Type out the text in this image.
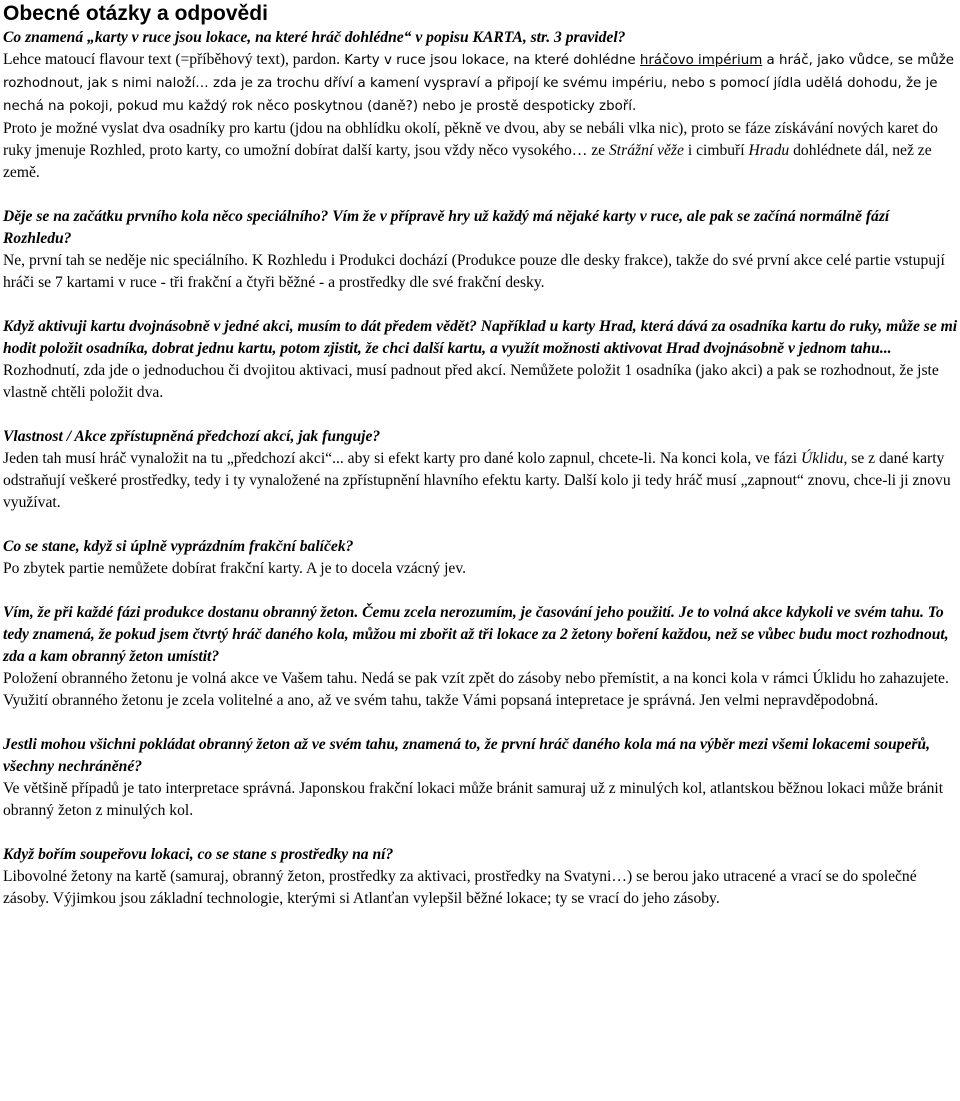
Obecné otázky a odpovědi

Co znamená „karty v ruce jsou lokace, na které hráč dohlédne“ v popisu KARTA, str. 3 pravidel?

Lehce matoucí flavour text (=příběhový text), pardon. Karty v ruce jsou lokace, na které dohlédne hráčovo impérium a hráč, jako vůdce, se může rozhodnout, jak s nimi naloží… zda je za trochu dříví a kamení vyspraví a připojí ke svému impériu, nebo s pomocí jídla udělá dohodu, že je nechá na pokoji, pokud mu každý rok něco poskytnou (daně?) nebo je prostě despoticky zboří.

Proto je možné vyslat dva osadníky pro kartu (jdou na obhlídku okolí, pěkně ve dvou, aby se nebáli vlka nic), proto se fáze získávání nových karet do ruky jmenuje Rozhled, proto karty, co umožní dobírat další karty, jsou vždy něco vysokého… ze Strážní věže i cimbuří Hradu dohlédnete dál, než ze země.

Děje se na začátku prvního kola něco speciálního? Vím že v přípravě hry už každý má nějaké karty v ruce, ale pak se začíná normálně fází Rozhledu?

Ne, první tah se neděje nic speciálního. K Rozhledu i Produkci dochází (Produkce pouze dle desky frakce), takže do své první akce celé partie vstupují hráči se 7 kartami v ruce - tři frakční a čtyři běžné - a prostředky dle své frakční desky.

Když aktivuji kartu dvojnásobně v jedné akci, musím to dát předem vědět? Například u karty Hrad, která dává za osadníka kartu do ruky, může se mi hodit položit osadníka, dobrat jednu kartu, potom zjistit, že chci další kartu, a využít možnosti aktivovat Hrad dvojnásobně v jednom tahu...

Rozhodnutí, zda jde o jednoduchou či dvojitou aktivaci, musí padnout před akcí. Nemůžete položit 1 osadníka (jako akci) a pak se rozhodnout, že jste vlastně chtěli položit dva.

Vlastnost / Akce zpřístupněná předchozí akcí, jak funguje?

Jeden tah musí hráč vynaložit na tu „předchozí akci“... aby si efekt karty pro dané kolo zapnul, chcete-li. Na konci kola, ve fázi Úklidu, se z dané karty odstraňují veškeré prostředky, tedy i ty vynaložené na zpřístupnění hlavního efektu karty. Další kolo ji tedy hráč musí „zapnout“ znovu, chce-li ji znovu využívat.

Co se stane, když si úplně vyprázdním frakční balíček?

Po zbytek partie nemůžete dobírat frakční karty. A je to docela vzácný jev.

Vím, že při každé fázi produkce dostanu obranný žeton. Čemu zcela nerozumím, je časování jeho použití. Je to volná akce kdykoli ve svém tahu. To tedy znamená, že pokud jsem čtvrtý hráč daného kola, můžou mi zbořit až tři lokace za 2 žetony boření každou, než se vůbec budu moct rozhodnout, zda a kam obranný žeton umístit?

Položení obranného žetonu je volná akce ve Vašem tahu. Nedá se pak vzít zpět do zásoby nebo přemístit, a na konci kola v rámci Úklidu ho zahazujete. Využití obranného žetonu je zcela volitelné a ano, až ve svém tahu, takže Vámi popsaná intepretace je správná. Jen velmi nepravděpodobná.

Jestli mohou všichni pokládat obranný žeton až ve svém tahu, znamená to, že první hráč daného kola má na výběr mezi všemi lokacemi soupeřů, všechny nechráněné?

Ve většině případů je tato interpretace správná. Japonskou frakční lokaci může bránit samuraj už z minulých kol, atlantskou běžnou lokaci může bránit obranný žeton z minulých kol.

Když bořím soupeřovu lokaci, co se stane s prostředky na ní?

Libovolné žetony na kartě (samuraj, obranný žeton, prostředky za aktivaci, prostředky na Svatyni…) se berou jako utracené a vrací se do společné zásoby. Výjimkou jsou základní technologie, kterými si Atlanťan vylepšil běžné lokace; ty se vrací do jeho zásoby.
